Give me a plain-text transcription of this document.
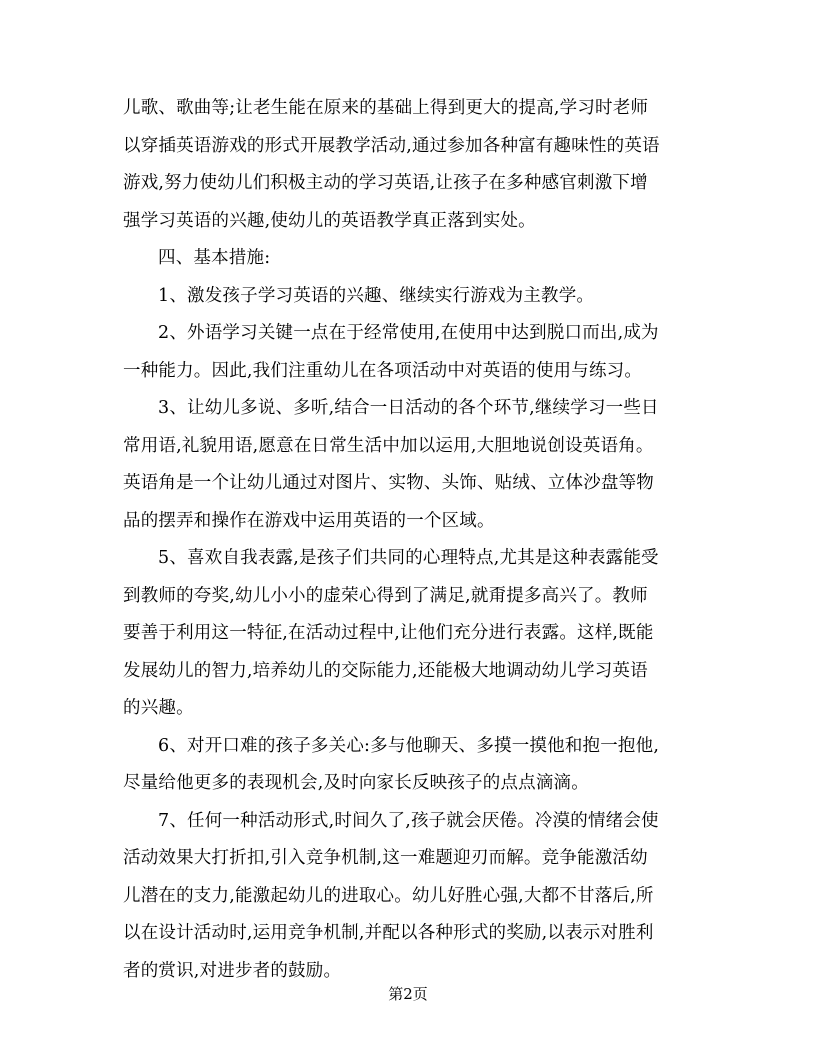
儿歌、歌曲等;让老生能在原来的基础上得到更大的提高,学习时老师
以穿插英语游戏的形式开展教学活动,通过参加各种富有趣味性的英语
游戏,努力使幼儿们积极主动的学习英语,让孩子在多种感官刺激下增
强学习英语的兴趣,使幼儿的英语教学真正落到实处。
四、基本措施:
1、激发孩子学习英语的兴趣、继续实行游戏为主教学。
2、外语学习关键一点在于经常使用,在使用中达到脱口而出,成为
一种能力。因此,我们注重幼儿在各项活动中对英语的使用与练习。
3、让幼儿多说、多听,结合一日活动的各个环节,继续学习一些日
常用语,礼貌用语,愿意在日常生活中加以运用,大胆地说创设英语角。
英语角是一个让幼儿通过对图片、实物、头饰、贴绒、立体沙盘等物
品的摆弄和操作在游戏中运用英语的一个区域。
5、喜欢自我表露,是孩子们共同的心理特点,尤其是这种表露能受
到教师的夸奖,幼儿小小的虚荣心得到了满足,就甭提多高兴了。教师
要善于利用这一特征,在活动过程中,让他们充分进行表露。这样,既能
发展幼儿的智力,培养幼儿的交际能力,还能极大地调动幼儿学习英语
的兴趣。
6、对开口难的孩子多关心:多与他聊天、多摸一摸他和抱一抱他,
尽量给他更多的表现机会,及时向家长反映孩子的点点滴滴。
7、任何一种活动形式,时间久了,孩子就会厌倦。冷漠的情绪会使
活动效果大打折扣,引入竞争机制,这一难题迎刃而解。竞争能激活幼
儿潜在的支力,能激起幼儿的进取心。幼儿好胜心强,大都不甘落后,所
以在设计活动时,运用竞争机制,并配以各种形式的奖励,以表示对胜利
者的赏识,对进步者的鼓励。
第2页
